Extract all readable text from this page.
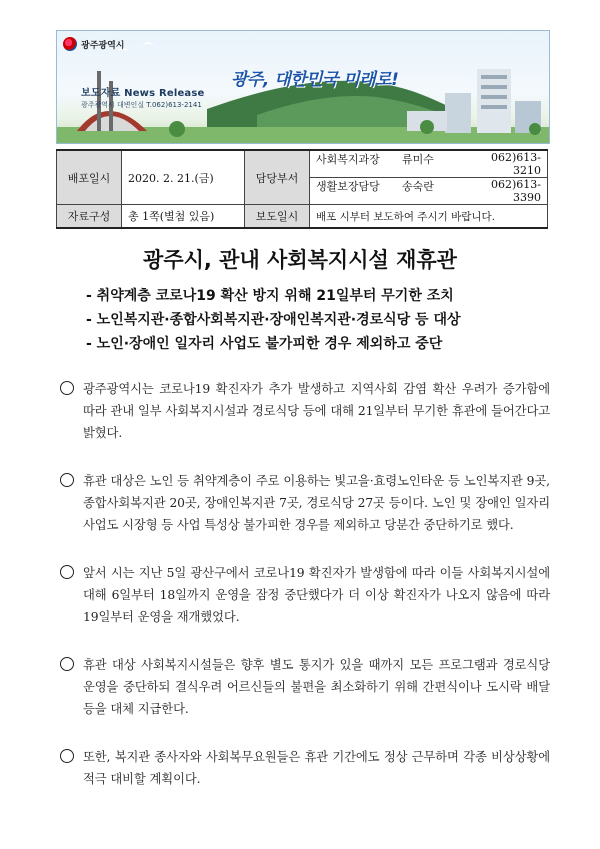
광주광역시
보도자료 News Release
광주광역시 대변인실 T.062)613-2141
광주, 대한민국 미래로!
배포일시	2020. 2. 21.(금)	담당부서	사회복지과장 류미수 062)613-3210

			생활보장담당 송숙란 062)613-3390

자료구성	총 1쪽(별첨 있음)	보도일시	배포 시부터 보도하여 주시기 바랍니다.
광주시, 관내 사회복지시설 재휴관
- 취약계층 코로나19 확산 방지 위해 21일부터 무기한 조치
- 노인복지관·종합사회복지관·장애인복지관·경로식당 등 대상
- 노인·장애인 일자리 사업도 불가피한 경우 제외하고 중단
광주광역시는 코로나19 확진자가 추가 발생하고 지역사회 감염 확산 우려가 증가함에 따라 관내 일부 사회복지시설과 경로식당 등에 대해 21일부터 무기한 휴관에 들어간다고 밝혔다.
휴관 대상은 노인 등 취약계층이 주로 이용하는 빛고을·효령노인타운 등 노인복지관 9곳, 종합사회복지관 20곳, 장애인복지관 7곳, 경로식당 27곳 등이다. 노인 및 장애인 일자리 사업도 시장형 등 사업 특성상 불가피한 경우를 제외하고 당분간 중단하기로 했다.
앞서 시는 지난 5일 광산구에서 코로나19 확진자가 발생함에 따라 이들 사회복지시설에 대해 6일부터 18일까지 운영을 잠정 중단했다가 더 이상 확진자가 나오지 않음에 따라 19일부터 운영을 재개했었다.
휴관 대상 사회복지시설들은 향후 별도 통지가 있을 때까지 모든 프로그램과 경로식당 운영을 중단하되 결식우려 어르신들의 불편을 최소화하기 위해 간편식이나 도시락 배달 등을 대체 지급한다.
또한, 복지관 종사자와 사회복무요원들은 휴관 기간에도 정상 근무하며 각종 비상상황에 적극 대비할 계획이다.
